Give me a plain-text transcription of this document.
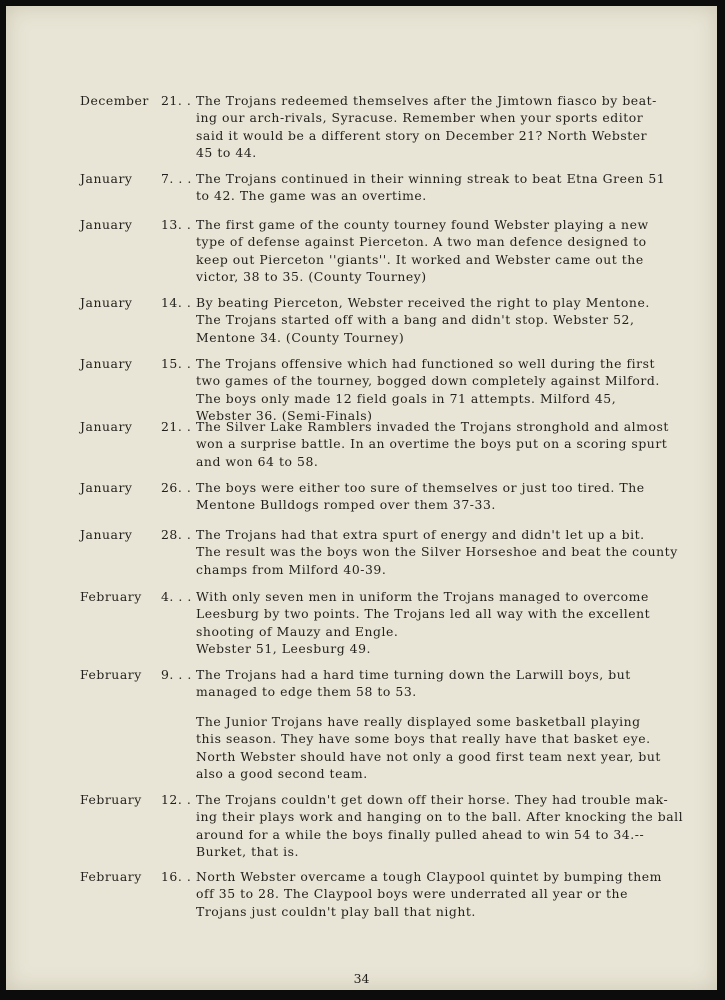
December 21. . The Trojans redeemed themselves after the Jimtown fiasco by beat-

ing our arch-rivals, Syracuse. Remember when your sports editor

said it would be a different story on December 21? North Webster

45 to 44.

January	7. . . The Trojans continued in their winning streak to beat Etna Green 51

to 42. The game was an overtime.

January	13. . The first game of the county tourney found Webster playing a new

type of defense against Pierceton. A two man defence designed to

keep out Pierceton ''giants''. It worked and Webster came out the

victor, 38 to 35. (County Tourney)

January	14. . By beating Pierceton, Webster received the right to play Mentone.

The Trojans started off with a bang and didn't stop. Webster 52,

Mentone 34. (County Tourney)

January	15. . The Trojans offensive which had functioned so well during the first

two games of the tourney, bogged down completely against Milford.

The boys only made 12 field goals in 71 attempts. Milford 45,

Webster 36. (Semi-Finals)

January	21. . The Silver Lake Ramblers invaded the Trojans stronghold and almost

won a surprise battle. In an overtime the boys put on a scoring spurt

and won 64 to 58.

January	26. . The boys were either too sure of themselves or just too tired. The

Mentone Bulldogs romped over them 37-33.

January	28. . The Trojans had that extra spurt of energy and didn't let up a bit.

The result was the boys won the Silver Horseshoe and beat the county

champs from Milford 40-39.

February	4. . . With only seven men in uniform the Trojans managed to overcome

Leesburg by two points. The Trojans led all way with the excellent

shooting of Mauzy and Engle.

Webster 51, Leesburg 49.

February	9. . . The Trojans had a hard time turning down the Larwill boys, but

managed to edge them 58 to 53.

The Junior Trojans have really displayed some basketball playing
this season. They have some boys that really have that basket eye.
North Webster should have not only a good first team next year, but
also a good second team.
February	12. . The Trojans couldn't get down off their horse. They had trouble mak-

ing their plays work and hanging on to the ball. After knocking the ball

around for a while the boys finally pulled ahead to win 54 to 34.--

Burket, that is.

February	16. . North Webster overcame a tough Claypool quintet by bumping them

off 35 to 28. The Claypool boys were underrated all year or the

Trojans just couldn't play ball that night.

34
